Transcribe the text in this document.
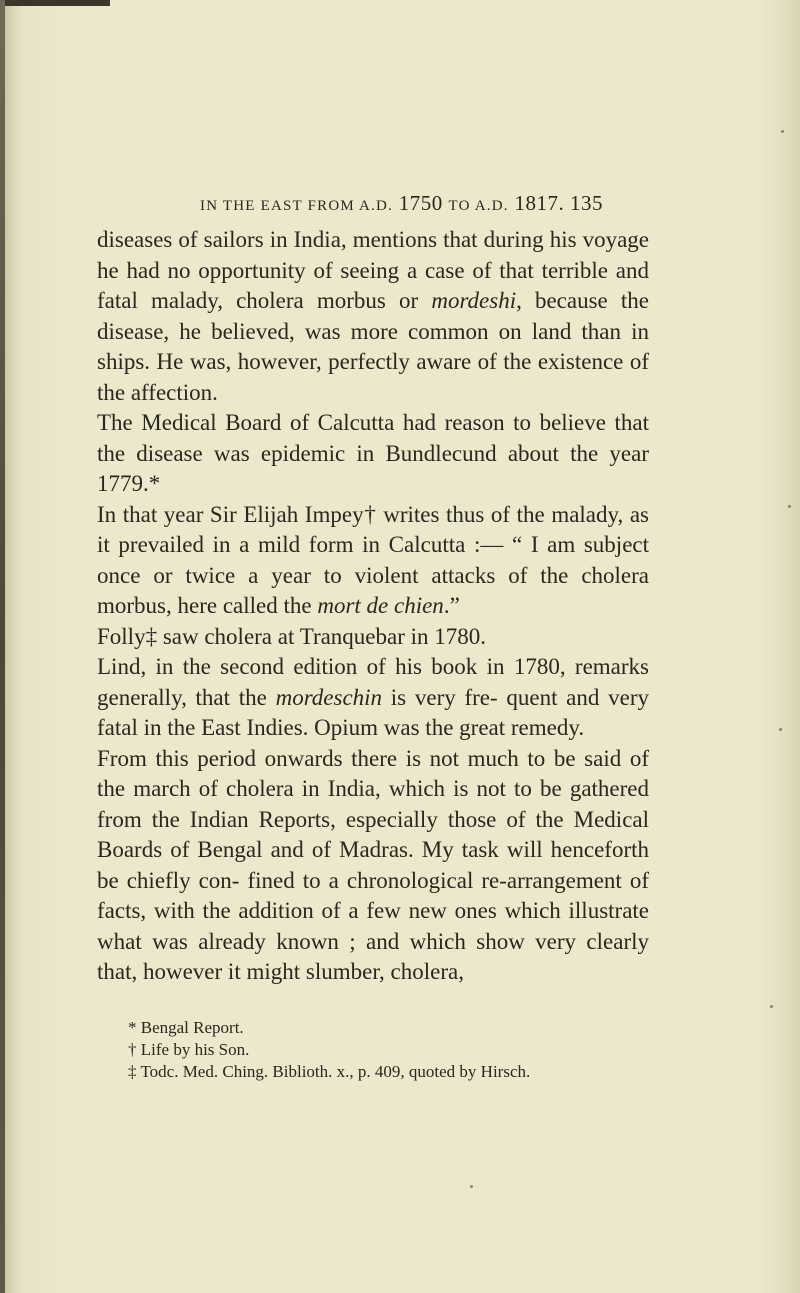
IN THE EAST FROM A.D. 1750 TO A.D. 1817. 135

diseases of sailors in India, mentions that during his voyage he had no opportunity of seeing a case of that terrible and fatal malady, cholera morbus or mordeshi, because the disease, he believed, was more common on land than in ships. He was, however, perfectly aware of the existence of the affection.

The Medical Board of Calcutta had reason to believe that the disease was epidemic in Bundlecund about the year 1779.*

In that year Sir Elijah Impey† writes thus of the malady, as it prevailed in a mild form in Calcutta :— “ I am subject once or twice a year to violent attacks of the cholera morbus, here called the mort de chien.”

Folly‡ saw cholera at Tranquebar in 1780.

Lind, in the second edition of his book in 1780, remarks generally, that the mordeschin is very fre- quent and very fatal in the East Indies. Opium was the great remedy.

From this period onwards there is not much to be said of the march of cholera in India, which is not to be gathered from the Indian Reports, especially those of the Medical Boards of Bengal and of Madras. My task will henceforth be chiefly con- fined to a chronological re-arrangement of facts, with the addition of a few new ones which illustrate what was already known ; and which show very clearly that, however it might slumber, cholera,

* Bengal Report.
† Life by his Son.
‡ Todc. Med. Ching. Biblioth. x., p. 409, quoted by Hirsch.
